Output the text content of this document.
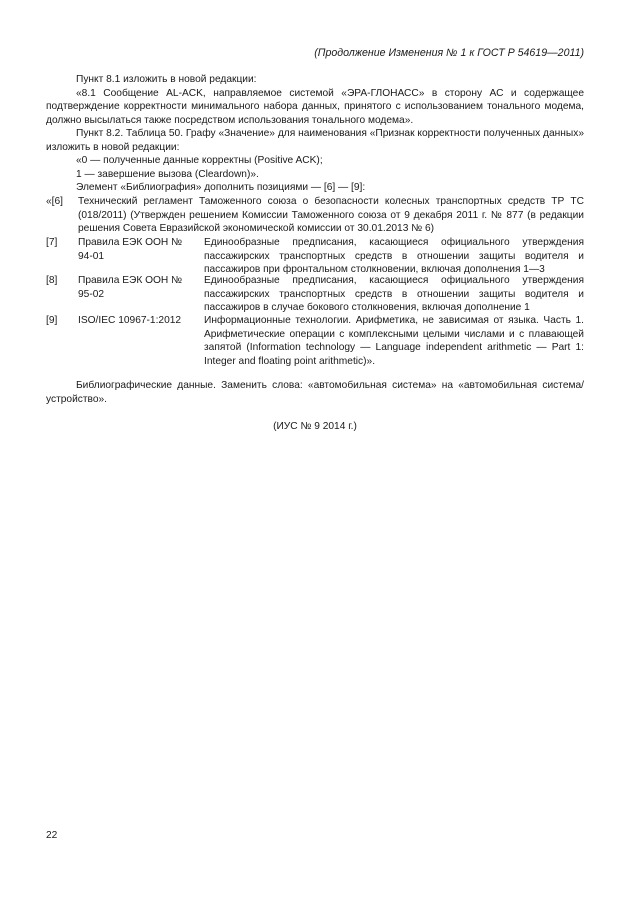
(Продолжение Изменения № 1 к ГОСТ Р 54619—2011)

Пункт 8.1 изложить в новой редакции:

«8.1 Сообщение AL-ACK, направляемое системой «ЭРА-ГЛОНАСС» в сторону АС и содержащее подтверждение корректности минимального набора данных, принятого с использованием тонального модема, должно высылаться также посредством использования тонального модема».

Пункт 8.2. Таблица 50. Графу «Значение» для наименования «Признак корректности полученных данных» изложить в новой редакции:

«0 — полученные данные корректны (Positive ACK);

1 — завершение вызова (Cleardown)».

Элемент «Библиография» дополнить позициями — [6] — [9]:

«[6] Технический регламент Таможенного союза о безопасности колесных транспортных средств ТР ТС (018/2011) (Утвержден решением Комиссии Таможенного союза от 9 декабря 2011 г. № 877 (в редакции решения Совета Евразийской экономической комиссии от 30.01.2013 № 6)
[7] Правила ЕЭК ООН № 94-01
Единообразные предписания, касающиеся официального утверждения пассажирских транспортных средств в отношении защиты водителя и пассажиров при фронтальном столкновении, включая дополнения 1—3
[8] Правила ЕЭК ООН № 95-02
Единообразные предписания, касающиеся официального утверждения пассажирских транспортных средств в отношении защиты водителя и пассажиров в случае бокового столкновения, включая дополнение 1
[9] ISO/IEC 10967-1:2012	Информационные технологии. Арифметика, не зависимая от языка. Часть 1. Арифметические операции с комплексными целыми числами и с плавающей запятой (Information technology — Language independent arithmetic — Part 1: Integer and floating point arithmetic)».

Библиографические данные. Заменить слова: «автомобильная система» на «автомобильная система/устройство».

(ИУС № 9 2014 г.)
22
